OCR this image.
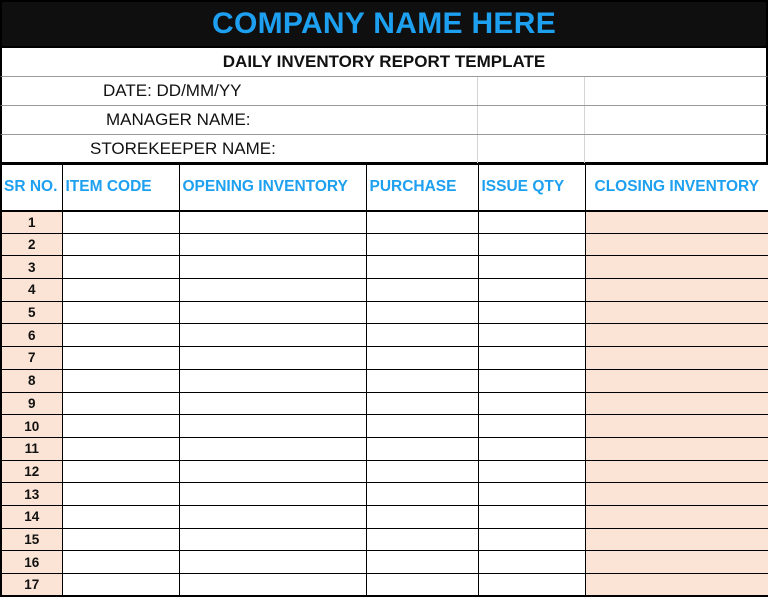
COMPANY NAME HERE
DAILY INVENTORY REPORT TEMPLATE
DATE: DD/MM/YY
MANAGER NAME:
STOREKEEPER NAME:
SR NO.	ITEM CODE	OPENING INVENTORY	PURCHASE	ISSUE QTY	CLOSING INVENTORY
1					
2					
3					
4					
5					
6					
7					
8					
9					
10					
11					
12					
13					
14					
15					
16					
17					
